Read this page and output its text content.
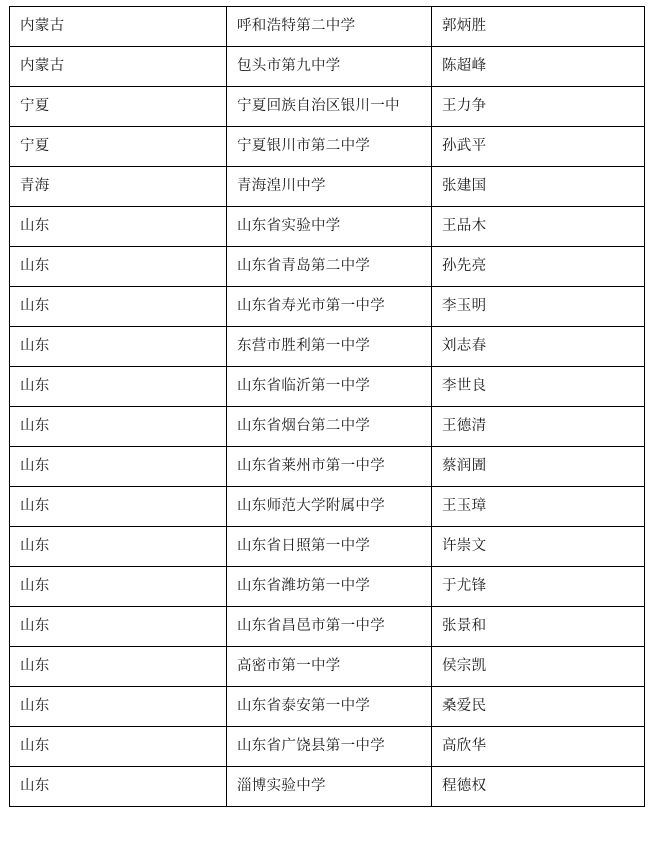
内蒙古	呼和浩特第二中学	郭炳胜
内蒙古	包头市第九中学	陈超峰
宁夏	宁夏回族自治区银川一中	王力争
宁夏	宁夏银川市第二中学	孙武平
青海	青海湟川中学	张建国
山东	山东省实验中学	王品木
山东	山东省青岛第二中学	孙先亮
山东	山东省寿光市第一中学	李玉明
山东	东营市胜利第一中学	刘志春
山东	山东省临沂第一中学	李世良
山东	山东省烟台第二中学	王德清
山东	山东省莱州市第一中学	蔡润圊
山东	山东师范大学附属中学	王玉璋
山东	山东省日照第一中学	许崇文
山东	山东省潍坊第一中学	于尤锋
山东	山东省昌邑市第一中学	张景和
山东	高密市第一中学	侯宗凯
山东	山东省泰安第一中学	桑爱民
山东	山东省广饶县第一中学	高欣华
山东	淄博实验中学	程德权
